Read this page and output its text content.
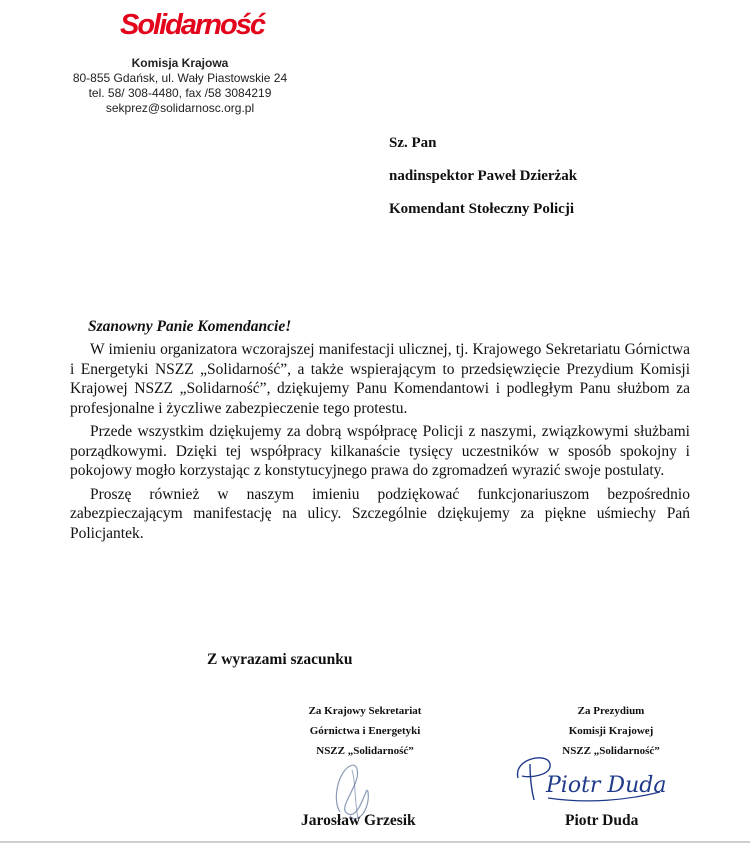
Solidarność
Komisja Krajowa
80-855 Gdańsk, ul. Wały Piastowskie 24
tel. 58/ 308-4480, fax /58 3084219
sekprez@solidarnosc.org.pl
Sz. Pan
nadinspektor Paweł Dzierżak
Komendant Stołeczny Policji
Szanowny Panie Komendancie!

W imieniu organizatora wczorajszej manifestacji ulicznej, tj. Krajowego Sekretariatu Górnictwa i Energetyki NSZZ „Solidarność”, a także wspierającym to przedsięwzięcie Prezydium Komisji Krajowej NSZZ „Solidarność”, dziękujemy Panu Komendantowi i podległym Panu służbom za profesjonalne i życzliwe zabezpieczenie tego protestu.

Przede wszystkim dziękujemy za dobrą współpracę Policji z naszymi, związkowymi służbami porządkowymi. Dzięki tej współpracy kilkanaście tysięcy uczestników w sposób spokojny i pokojowy mogło korzystając z konstytucyjnego prawa do zgromadzeń wyrazić swoje postulaty.

Proszę również w naszym imieniu podziękować funkcjonariuszom bezpośrednio zabezpieczającym manifestację na ulicy. Szczególnie dziękujemy za piękne uśmiechy Pań Policjantek.

Z wyrazami szacunku
Za Krajowy Sekretariat
Górnictwa i Energetyki
NSZZ „Solidarność”
Za Prezydium
Komisji Krajowej
NSZZ „Solidarność”
Piotr Duda
Jarosław Grzesik	Piotr Duda
